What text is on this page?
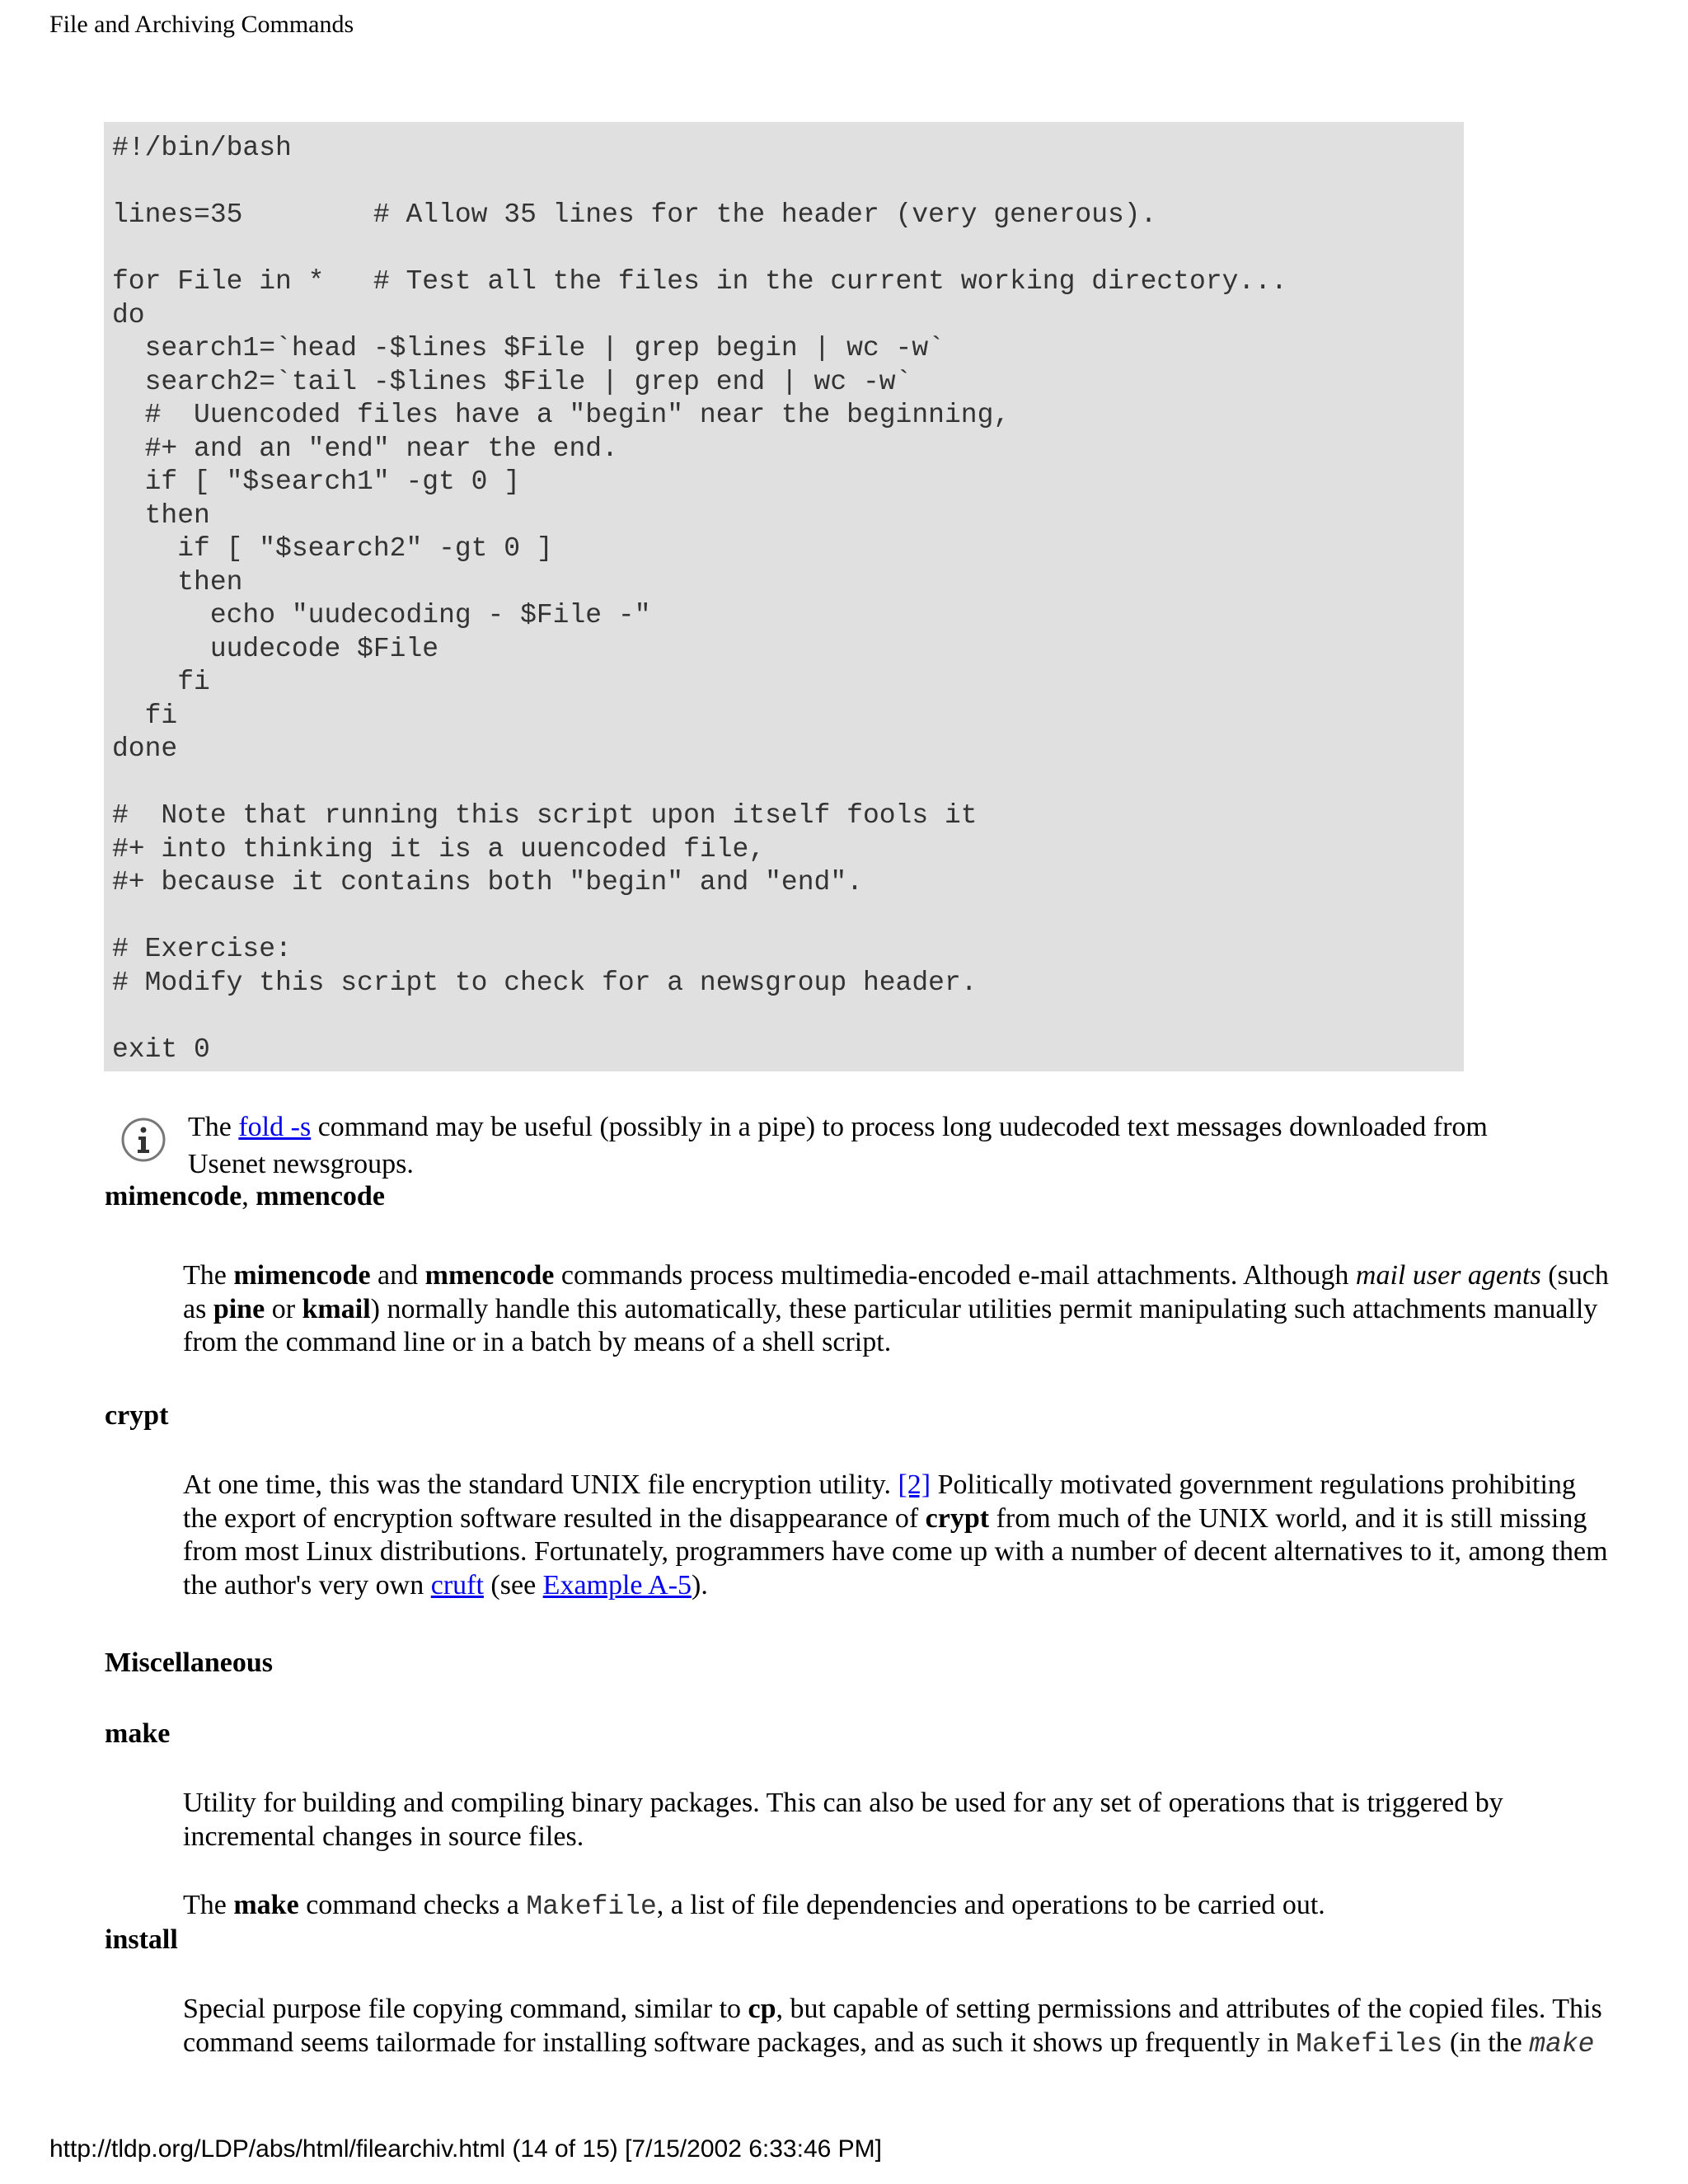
File and Archiving Commands
#!/bin/bash

lines=35        # Allow 35 lines for the header (very generous).

for File in *   # Test all the files in the current working directory...
do
search1=`head -$lines $File | grep begin | wc -w`
search2=`tail -$lines $File | grep end | wc -w`
#  Uuencoded files have a "begin" near the beginning,
#+ and an "end" near the end.
if [ "$search1" -gt 0 ]
then
if [ "$search2" -gt 0 ]
then
echo "uudecoding - $File -"
uudecode $File
fi
fi
done

#  Note that running this script upon itself fools it
#+ into thinking it is a uuencoded file,
#+ because it contains both "begin" and "end".

# Exercise:
# Modify this script to check for a newsgroup header.

exit 0
The fold -s command may be useful (possibly in a pipe) to process long uudecoded text messages downloaded from Usenet newsgroups.
mimencode, mmencode

The mimencode and mmencode commands process multimedia-encoded e-mail attachments. Although mail user agents (such as pine or kmail) normally handle this automatically, these particular utilities permit manipulating such attachments manually from the command line or in a batch by means of a shell script.

crypt

At one time, this was the standard UNIX file encryption utility. [2] Politically motivated government regulations prohibiting the export of encryption software resulted in the disappearance of crypt from much of the UNIX world, and it is still missing from most Linux distributions. Fortunately, programmers have come up with a number of decent alternatives to it, among them the author's very own cruft (see Example A-5).

Miscellaneous
make

Utility for building and compiling binary packages. This can also be used for any set of operations that is triggered by incremental changes in source files.

The make command checks a Makefile, a list of file dependencies and operations to be carried out.

install

Special purpose file copying command, similar to cp, but capable of setting permissions and attributes of the copied files. This command seems tailormade for installing software packages, and as such it shows up frequently in Makefiles (in the make

http://tldp.org/LDP/abs/html/filearchiv.html (14 of 15) [7/15/2002 6:33:46 PM]
